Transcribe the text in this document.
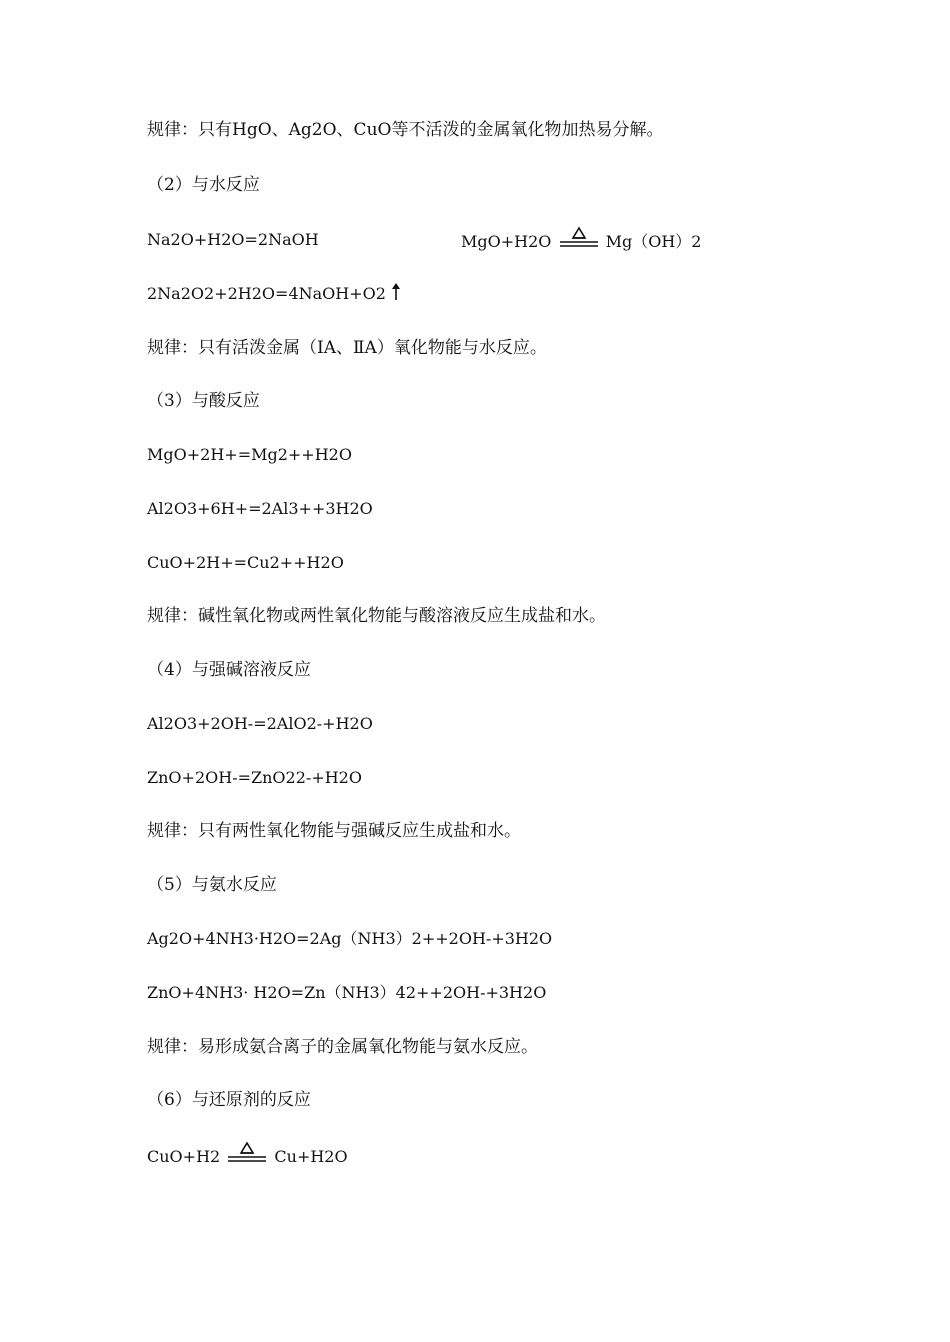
规律：只有HgO、Ag2O、CuO等不活泼的金属氧化物加热易分解。
（2）与水反应
Na2O+H2O=2NaOH	MgO+H2O	Mg（OH）2
2Na2O2+2H2O=4NaOH+O2
规律：只有活泼金属（ⅠA、ⅡA）氧化物能与水反应。
（3）与酸反应
MgO+2H+=Mg2++H2O
Al2O3+6H+=2Al3++3H2O
CuO+2H+=Cu2++H2O
规律：碱性氧化物或两性氧化物能与酸溶液反应生成盐和水。
（4）与强碱溶液反应
Al2O3+2OH-=2AlO2-+H2O
ZnO+2OH-=ZnO22-+H2O
规律：只有两性氧化物能与强碱反应生成盐和水。
（5）与氨水反应
Ag2O+4NH3·H2O=2Ag（NH3）2++2OH-+3H2O
ZnO+4NH3· H2O=Zn（NH3）42++2OH-+3H2O
规律：易形成氨合离子的金属氧化物能与氨水反应。
（6）与还原剂的反应
CuO+H2	Cu+H2O
